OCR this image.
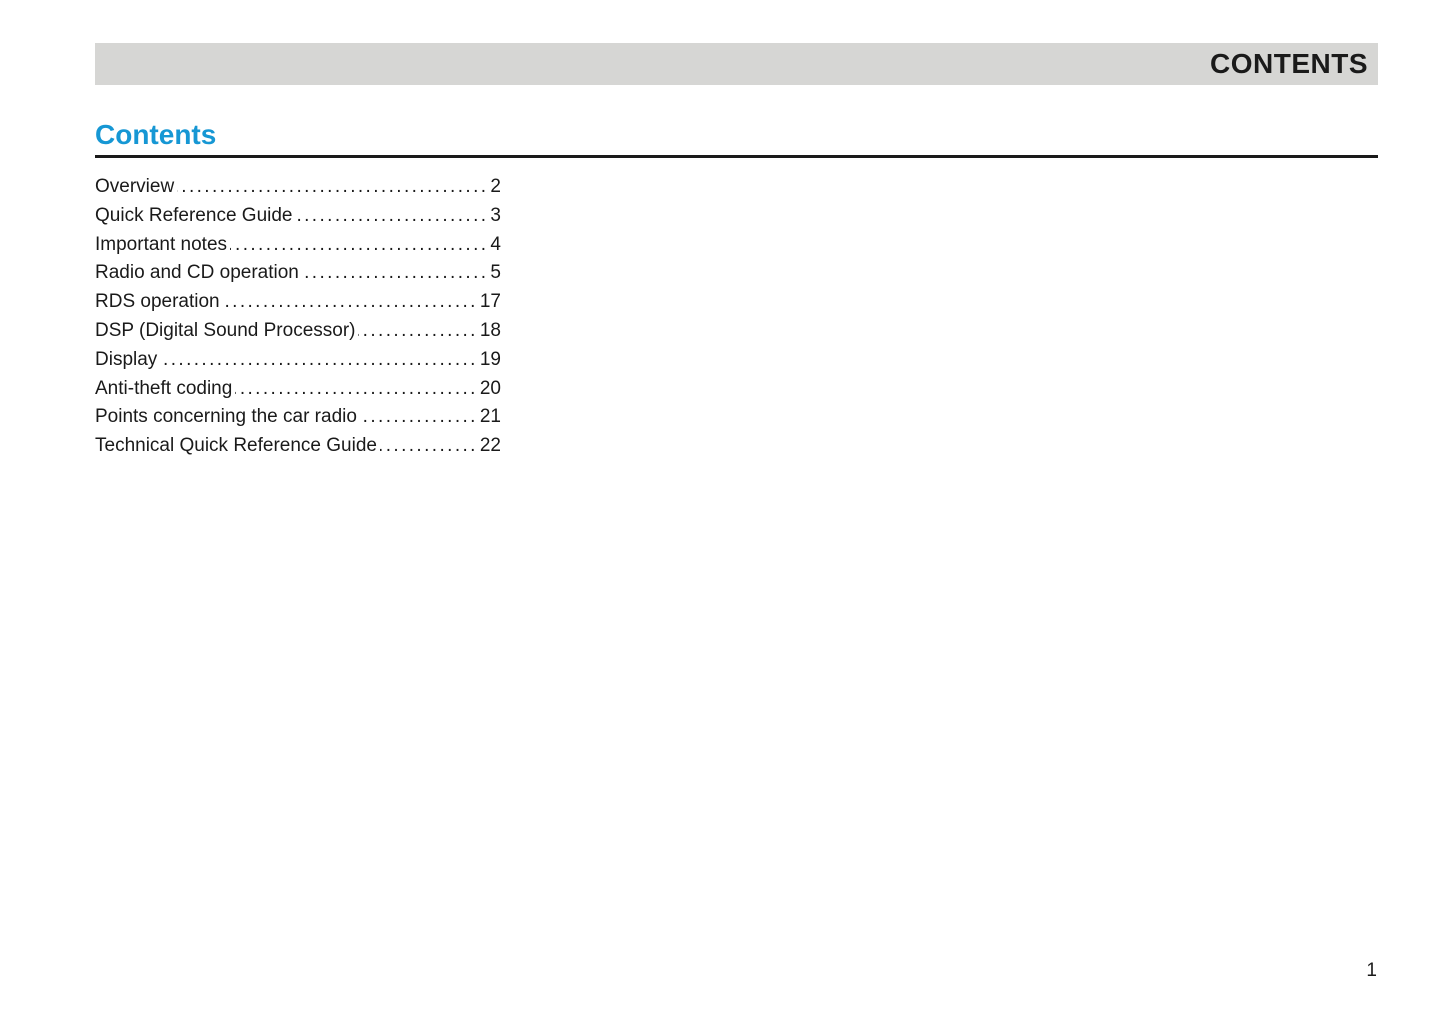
CONTENTS
Contents
Overview .....	2
Quick Reference Guide .....	3
Important notes .....	4
Radio and CD operation .....	5
RDS operation .....	17
DSP (Digital Sound Processor) .....	18
Display .....	19
Anti-theft coding .....	20
Points concerning the car radio .....	21
Technical Quick Reference Guide .....	22
1
